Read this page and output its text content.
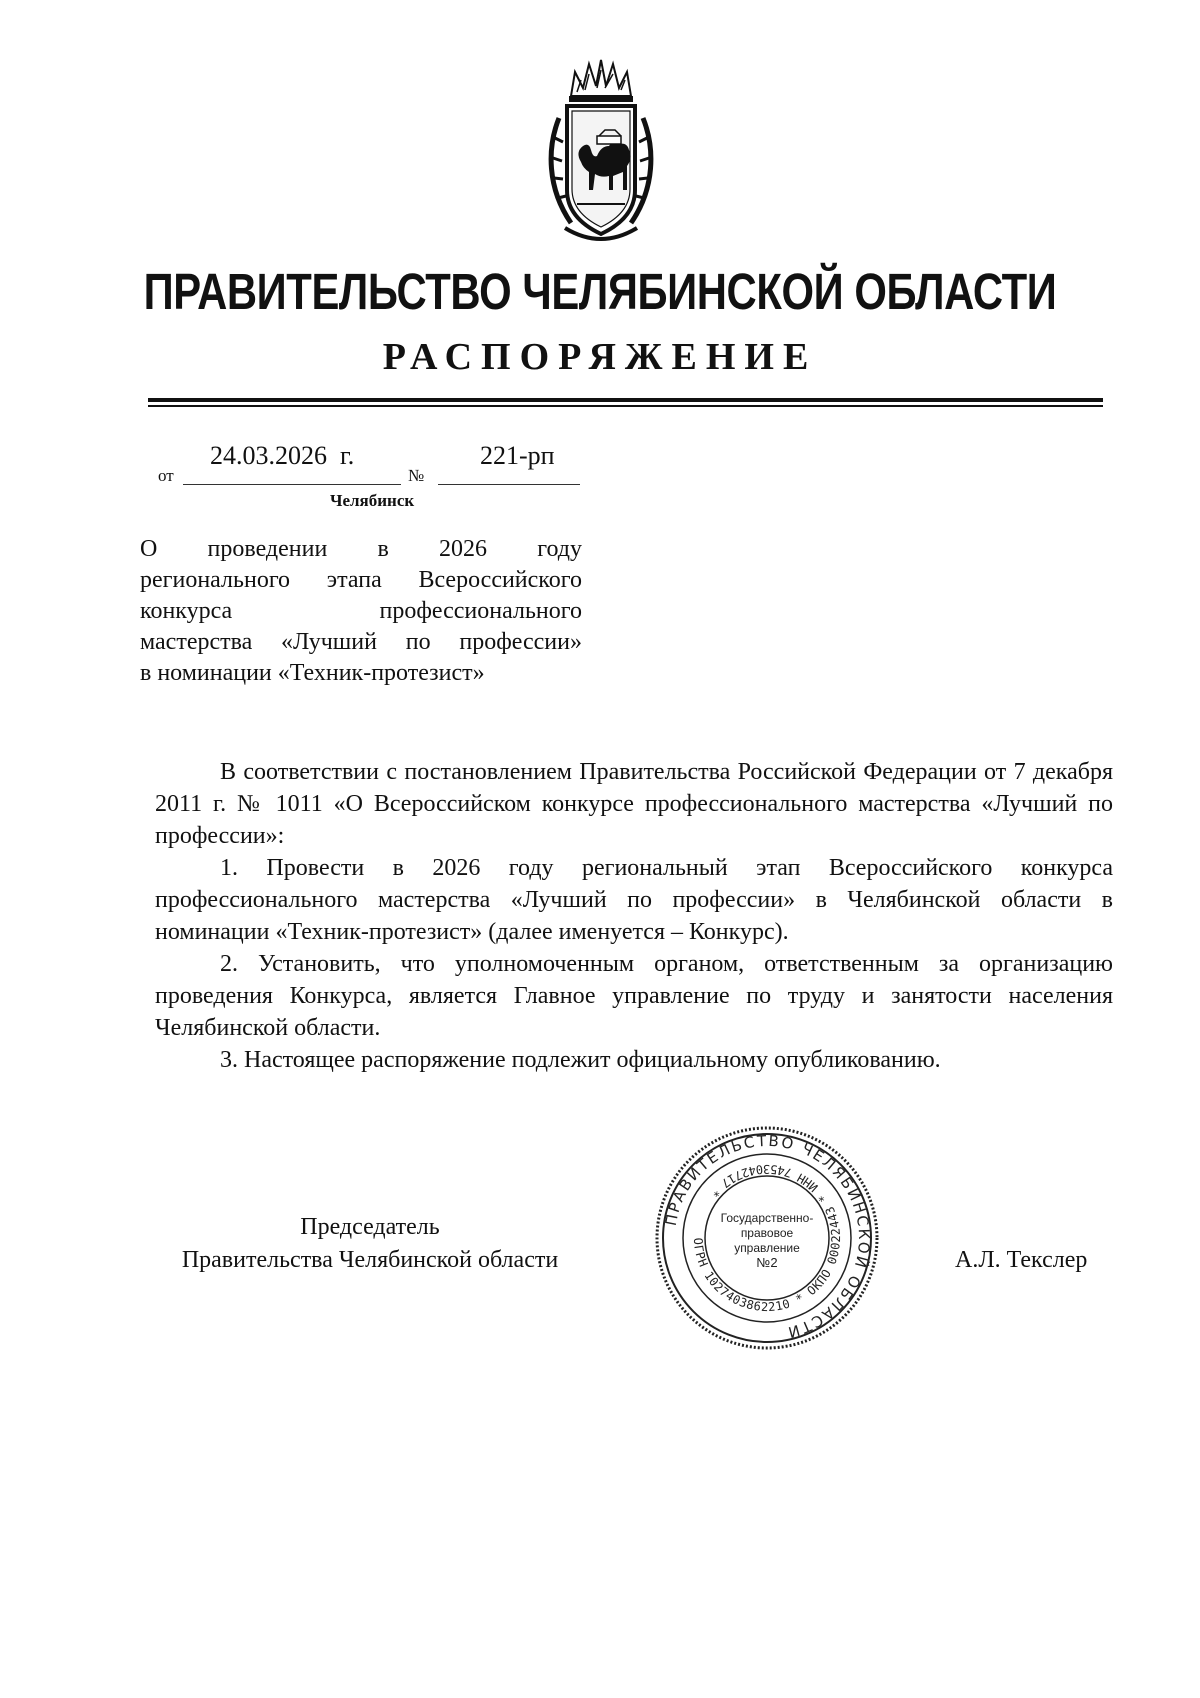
ПРАВИТЕЛЬСТВО ЧЕЛЯБИНСКОЙ ОБЛАСТИ
РАСПОРЯЖЕНИЕ
от
24.03.2026  г.
№
221-рп
Челябинск
О проведении в 2026 году
регионального этапа Всероссийского
конкурса профессионального
мастерства «Лучший по профессии»
в номинации «Техник-протезист»

В соответствии с постановлением Правительства Российской Федерации от 7 декабря 2011 г. № 1011 «О Всероссийском конкурсе профессионального мастерства «Лучший по профессии»:

1. Провести в 2026 году региональный этап Всероссийского конкурса профессионального мастерства «Лучший по профессии» в Челябинской области в номинации «Техник-протезист» (далее именуется – Конкурс).

2. Установить, что уполномоченным органом, ответственным за организацию проведения Конкурса, является Главное управление по труду и занятости населения Челябинской области.

3. Настоящее распоряжение подлежит официальному опубликованию.

Председатель
Правительства Челябинской области	А.Л. Текслер
ПРАВИТЕЛЬСТВО ЧЕЛЯБИНСКОЙ ОБЛАСТИ
ОГРН 1027403862210 * ОКПО 00022443 * ИНН 7453042717 *
Государственно-
правовое
управление
№2
